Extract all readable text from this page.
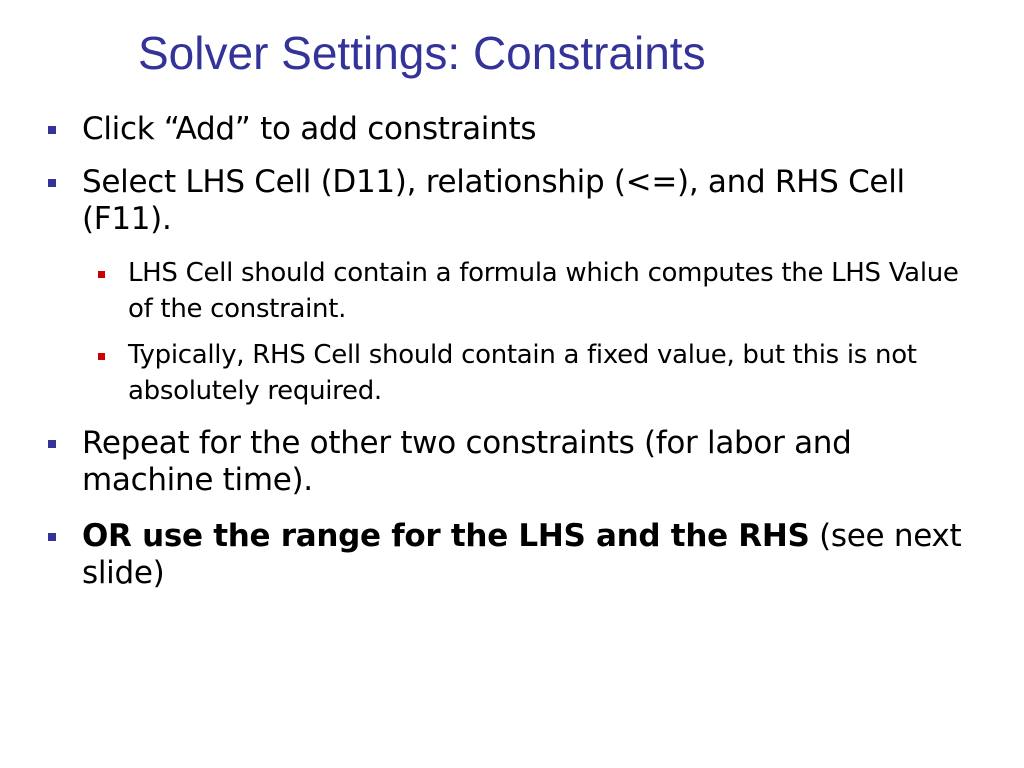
Solver Settings: Constraints
Click “Add” to add constraints
Select LHS Cell (D11), relationship (<=), and RHS Cell (F11).
LHS Cell should contain a formula which computes the LHS Value of the constraint.
Typically, RHS Cell should contain a fixed value, but this is not absolutely required.
Repeat for the other two constraints (for labor and machine time).
OR use the range for the LHS and the RHS (see next slide)
